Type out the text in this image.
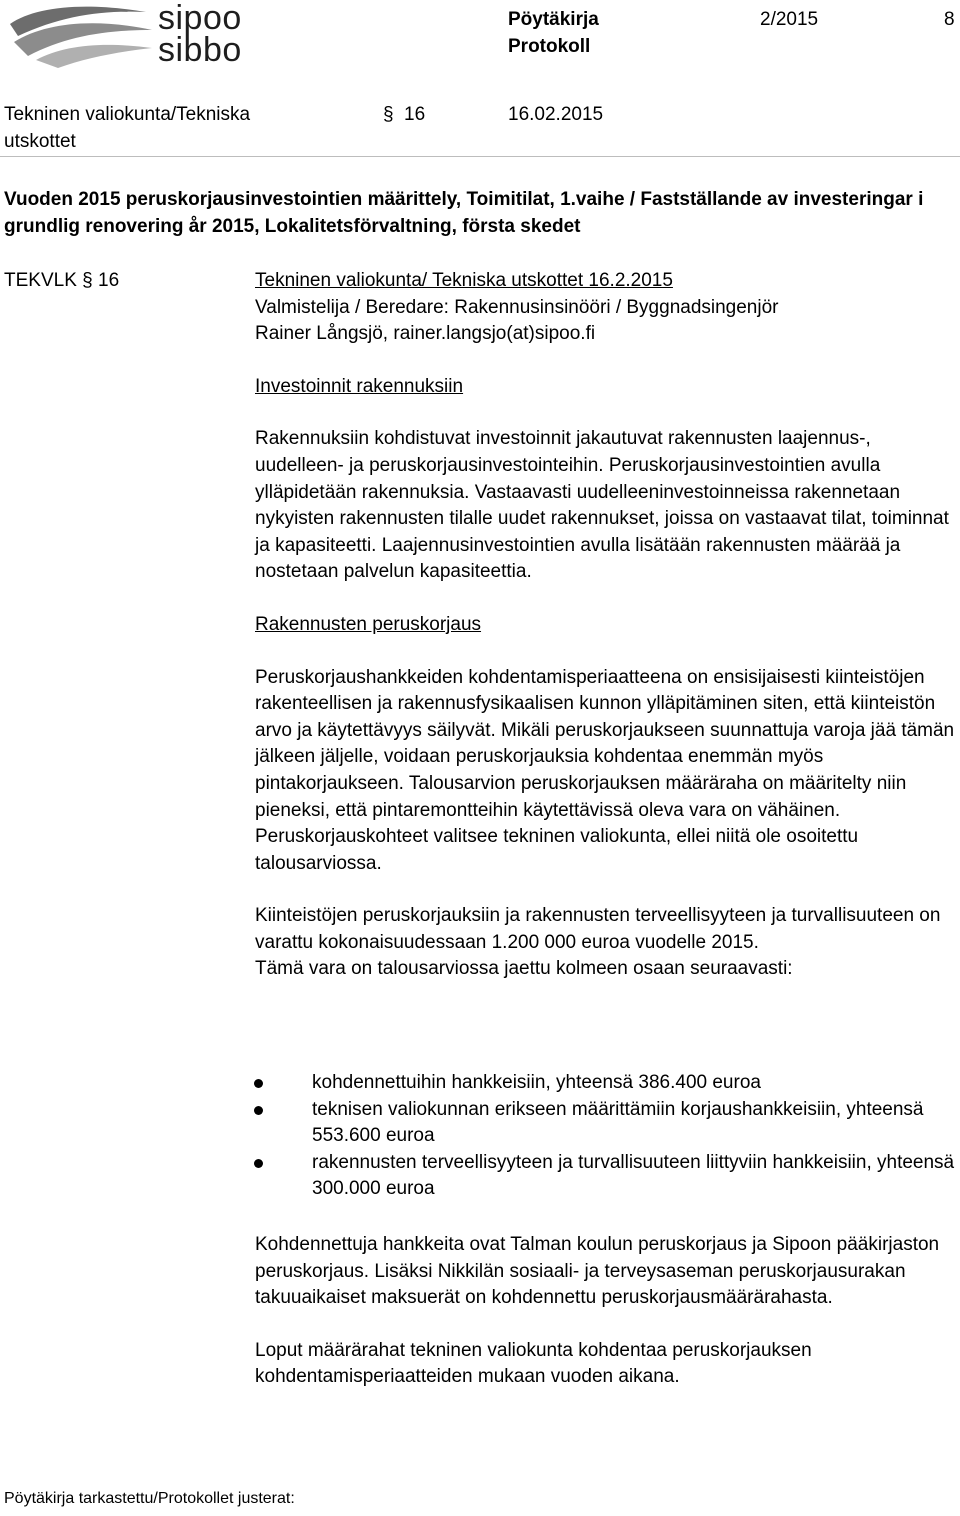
sipoo
sibbo
Pöytäkirja
Protokoll
2/2015	8
Tekninen valiokunta/Tekniska
utskottet
§ 16	16.02.2015
Vuoden 2015 peruskorjausinvestointien määrittely, Toimitilat, 1.vaihe / Fastställande av investeringar i grundlig renovering år 2015, Lokalitetsförvaltning, första skedet
TEKVLK § 16	Tekninen valiokunta/ Tekniska utskottet 16.2.2015

Valmistelija / Beredare: Rakennusinsinööri / Byggnadsingenjör

Rainer Långsjö, rainer.langsjo(at)sipoo.fi

Investoinnit rakennuksiin

Rakennuksiin kohdistuvat investoinnit jakautuvat rakennusten laajennus-, uudelleen- ja peruskorjausinvestointeihin. Peruskorjausinvestointien avulla ylläpidetään rakennuksia. Vastaavasti uudelleeninvestoinneissa rakennetaan nykyisten rakennusten tilalle uudet rakennukset, joissa on vastaavat tilat, toiminnat ja kapasiteetti. Laajennusinvestointien avulla lisätään rakennusten määrää ja nostetaan palvelun kapasiteettia.

Rakennusten peruskorjaus

Peruskorjaushankkeiden kohdentamisperiaatteena on ensisijaisesti kiinteistöjen rakenteellisen ja rakennusfysikaalisen kunnon ylläpitäminen siten, että kiinteistön arvo ja käytettävyys säilyvät. Mikäli peruskorjaukseen suunnattuja varoja jää tämän jälkeen jäljelle, voidaan peruskorjauksia kohdentaa enemmän myös pintakorjaukseen. Talousarvion peruskorjauksen määräraha on määritelty niin pieneksi, että pintaremontteihin käytettävissä oleva vara on vähäinen. Peruskorjauskohteet valitsee tekninen valiokunta, ellei niitä ole osoitettu talousarviossa.

Kiinteistöjen peruskorjauksiin ja rakennusten terveellisyyteen ja turvallisuuteen on varattu kokonaisuudessaan 1.200 000 euroa vuodelle 2015.

Tämä vara on talousarviossa jaettu kolmeen osaan seuraavasti:

kohdennettuihin hankkeisiin, yhteensä 386.400 euroa
teknisen valiokunnan erikseen määrittämiin korjaushankkeisiin, yhteensä 553.600 euroa
rakennusten terveellisyyteen ja turvallisuuteen liittyviin hankkeisiin, yhteensä 300.000 euroa

Kohdennettuja hankkeita ovat Talman koulun peruskorjaus ja Sipoon pääkirjaston peruskorjaus. Lisäksi Nikkilän sosiaali- ja terveysaseman peruskorjausurakan takuuaikaiset maksuerät on kohdennettu peruskorjausmäärärahasta.

Loput määrärahat tekninen valiokunta kohdentaa peruskorjauksen kohdentamisperiaatteiden mukaan vuoden aikana.

Pöytäkirja tarkastettu/Protokollet justerat:
